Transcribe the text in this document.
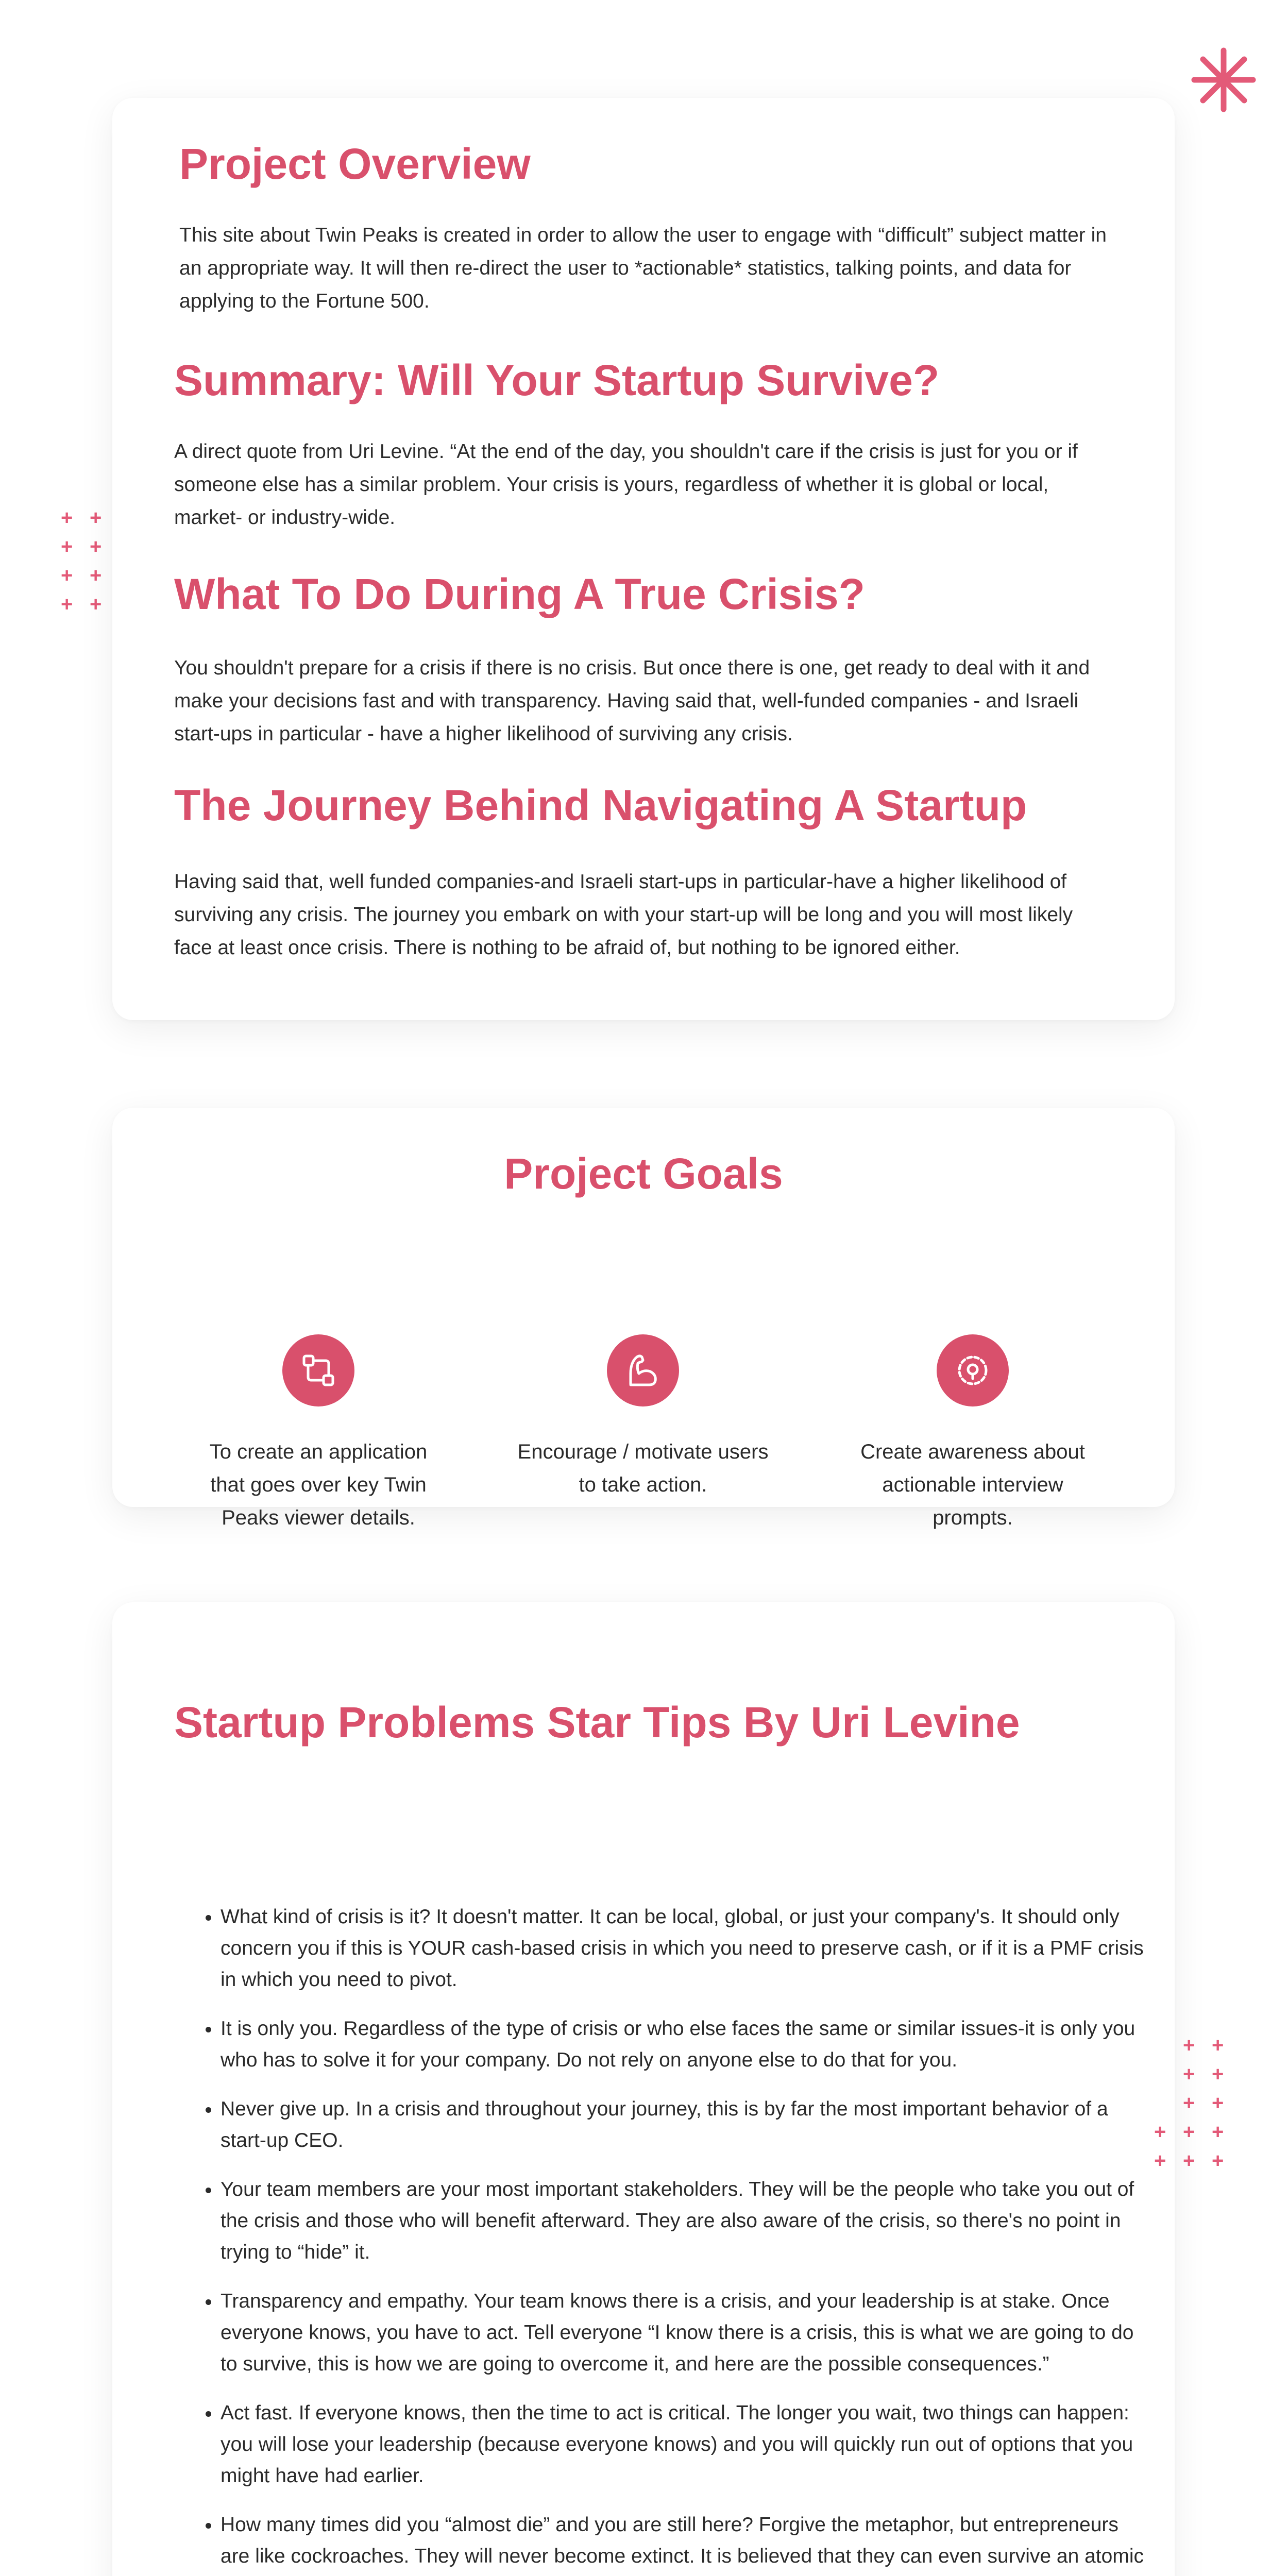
+ +
+ +
+ +
+ +
Project Overview

This site about Twin Peaks is created in order to allow the user to engage with “difficult” subject matter in an appropriate way. It will then re-direct the user to *actionable* statistics, talking points, and data for applying to the Fortune 500.

Summary: Will Your Startup Survive?

A direct quote from Uri Levine. “At the end of the day, you shouldn't care if the crisis is just for you or if someone else has a similar problem. Your crisis is yours, regardless of whether it is global or local, market- or industry-wide.

What To Do During A True Crisis?

You shouldn't prepare for a crisis if there is no crisis. But once there is one, get ready to deal with it and make your decisions fast and with transparency. Having said that, well-funded companies - and Israeli start-ups in particular - have a higher likelihood of surviving any crisis.

The Journey Behind Navigating A Startup

Having said that, well funded companies-and Israeli start-ups in particular-have a higher likelihood of surviving any crisis. The journey you embark on with your start-up will be long and you will most likely face at least once crisis. There is nothing to be afraid of, but nothing to be ignored either.

Project Goals
To create an application that goes over key Twin Peaks viewer details.
Encourage / motivate users to take action.
Create awareness about actionable interview prompts.
Startup Problems Star Tips By Uri Levine
• What kind of crisis is it? It doesn't matter. It can be local, global, or just your company's. It should only concern you if this is YOUR cash-based crisis in which you need to preserve cash, or if it is a PMF crisis in which you need to pivot.
• It is only you. Regardless of the type of crisis or who else faces the same or similar issues-it is only you who has to solve it for your company. Do not rely on anyone else to do that for you.
• Never give up. In a crisis and throughout your journey, this is by far the most important behavior of a start-up CEO.
• Your team members are your most important stakeholders. They will be the people who take you out of the crisis and those who will benefit afterward. They are also aware of the crisis, so there's no point in trying to “hide” it.
• Transparency and empathy. Your team knows there is a crisis, and your leadership is at stake. Once everyone knows, you have to act. Tell everyone “I know there is a crisis, this is what we are going to do to survive, this is how we are going to overcome it, and here are the possible consequences.”
• Act fast. If everyone knows, then the time to act is critical. The longer you wait, two things can happen: you will lose your leadership (because everyone knows) and you will quickly run out of options that you might have had earlier.
• How many times did you “almost die” and you are still here? Forgive the metaphor, but entrepreneurs are like cockroaches. They will never become extinct. It is believed that they can even survive an atomic
+ +
+ +
+ +
+ + +
+ + +
